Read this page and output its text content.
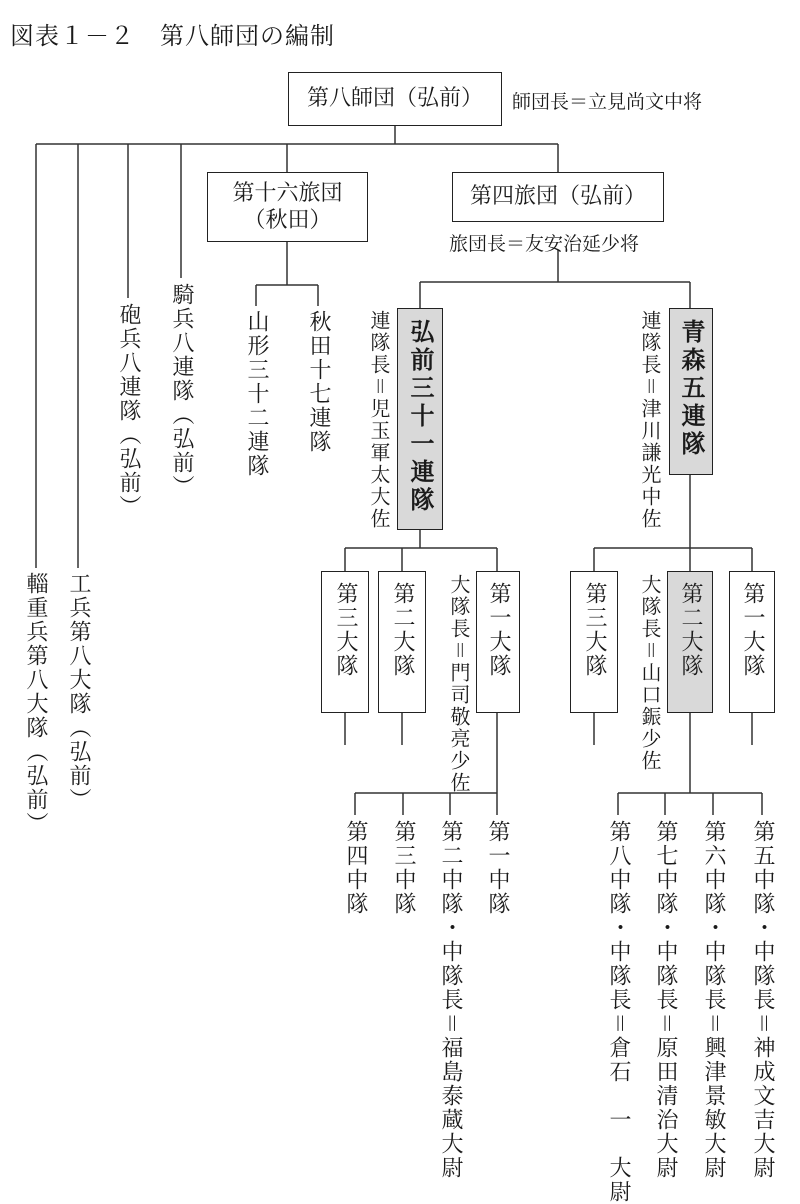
図表１－２　第八師団の編制
第八師団（弘前） 師団長＝立見尚文中将
第十六旅団
（秋田）
第四旅団（弘前）
旅団長＝友安治延少将
輜重兵第八大隊（弘前） 工兵第八大隊（弘前）
砲兵八連隊（弘前） 騎兵八連隊（弘前） 山形三十二連隊 秋田十七連隊 連隊長＝児玉軍太大佐 弘前三十一連隊
第三大隊 第二大隊 大隊長＝門司敬亮少佐 第一大隊
第四中隊 第三中隊 第二中隊・中隊長＝福島泰蔵大尉 第一中隊
連隊長＝津川謙光中佐 青森五連隊
第三大隊 大隊長＝山口鋠少佐 第二大隊 第一大隊
第八中隊・中隊長＝倉石　一　大尉 第七中隊・中隊長＝原田清治大尉 第六中隊・中隊長＝興津景敏大尉 第五中隊・中隊長＝神成文吉大尉
